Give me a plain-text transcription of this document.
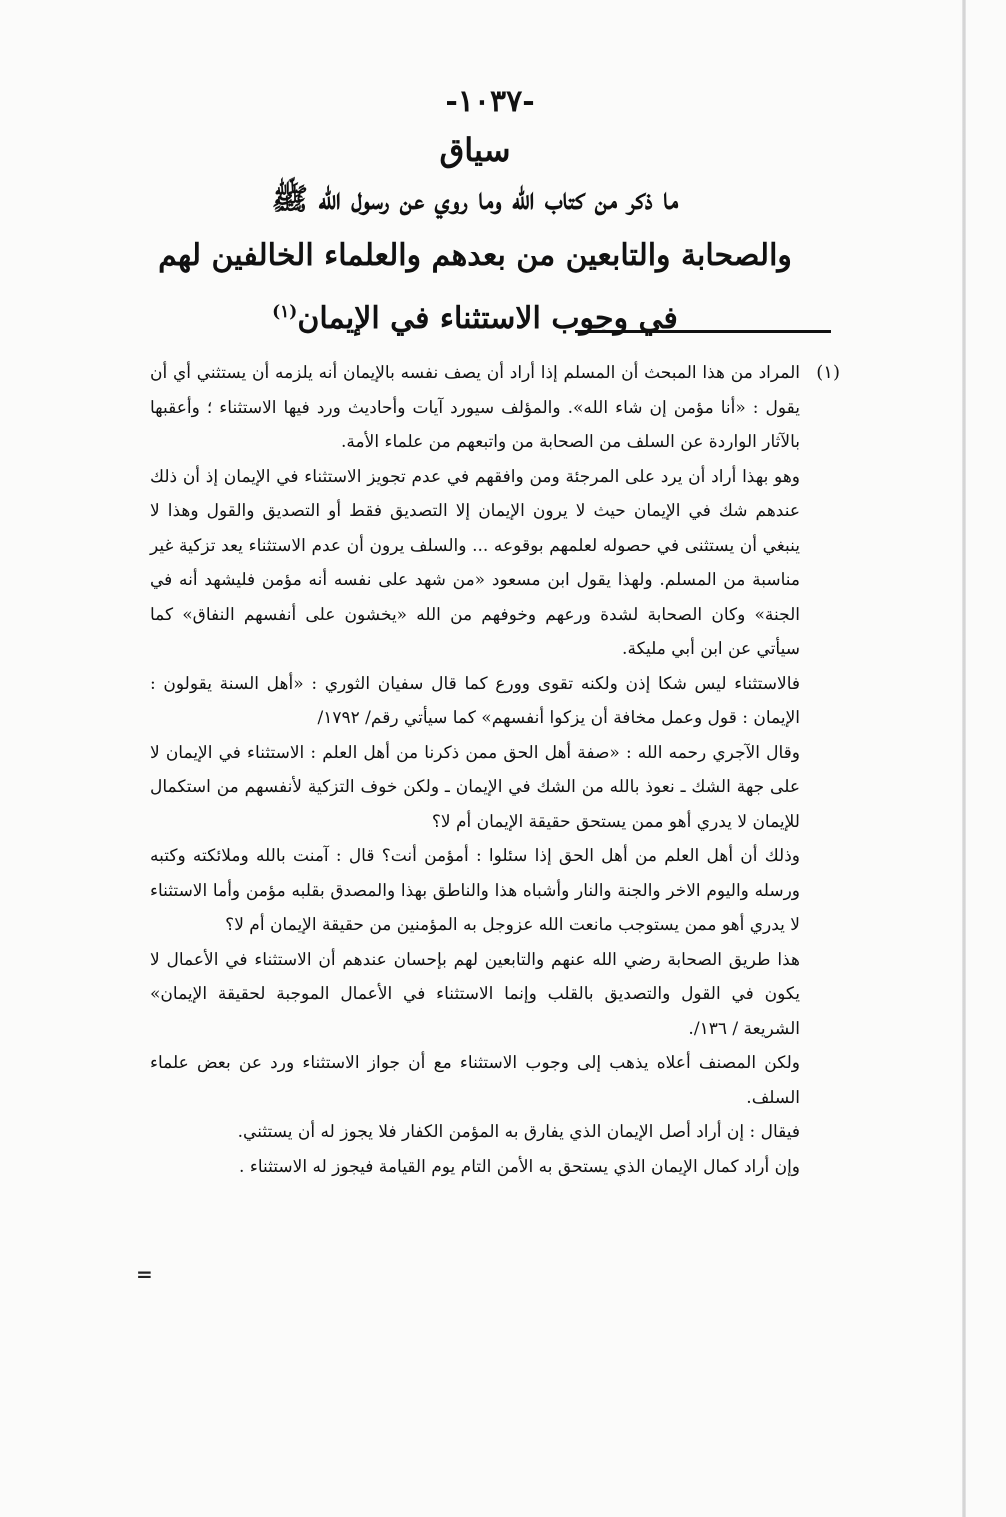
-١٠٣٧-
سياق
ما ذكر من كتاب الله وما روي عن رسول الله ﷺ
والصحابة والتابعين من بعدهم والعلماء الخالفين لهم
في وجوب الاستثناء في الإيمان$^{(١)}$
(١)

المراد من هذا المبحث أن المسلم إذا أراد أن يصف نفسه بالإيمان أنه يلزمه أن يستثني أي أن يقول : «أنا مؤمن إن شاء الله». والمؤلف سيورد آيات وأحاديث ورد فيها الاستثناء ؛ وأعقبها بالآثار الواردة عن السلف من الصحابة من واتبعهم من علماء الأمة.

وهو بهذا أراد أن يرد على المرجئة ومن وافقهم في عدم تجويز الاستثناء في الإيمان إذ أن ذلك عندهم شك في الإيمان حيث لا يرون الإيمان إلا التصديق فقط أو التصديق والقول وهذا لا ينبغي أن يستثنى في حصوله لعلمهم بوقوعه ... والسلف يرون أن عدم الاستثناء يعد تزكية غير مناسبة من المسلم. ولهذا يقول ابن مسعود «من شهد على نفسه أنه مؤمن فليشهد أنه في الجنة» وكان الصحابة لشدة ورعهم وخوفهم من الله «يخشون على أنفسهم النفاق» كما سيأتي عن ابن أبي مليكة.

فالاستثناء ليس شكا إذن ولكنه تقوى وورع كما قال سفيان الثوري : «أهل السنة يقولون : الإيمان : قول وعمل مخافة أن يزكوا أنفسهم» كما سيأتي رقم/ ١٧٩٢/

وقال الآجري رحمه الله : «صفة أهل الحق ممن ذكرنا من أهل العلم : الاستثناء في الإيمان لا على جهة الشك ـ نعوذ بالله من الشك في الإيمان ـ ولكن خوف التزكية لأنفسهم من استكمال للإيمان لا يدري أهو ممن يستحق حقيقة الإيمان أم لا؟

وذلك أن أهل العلم من أهل الحق إذا سئلوا : أمؤمن أنت؟ قال : آمنت بالله وملائكته وكتبه ورسله واليوم الاخر والجنة والنار وأشباه هذا والناطق بهذا والمصدق بقلبه مؤمن وأما الاستثناء لا يدري أهو ممن يستوجب مانعت الله عزوجل به المؤمنين من حقيقة الإيمان أم لا؟

هذا طريق الصحابة رضي الله عنهم والتابعين لهم بإحسان عندهم أن الاستثناء في الأعمال لا يكون في القول والتصديق بالقلب وإنما الاستثناء في الأعمال الموجبة لحقيقة الإيمان» الشريعة / ١٣٦/.

ولكن المصنف أعلاه يذهب إلى وجوب الاستثناء مع أن جواز الاستثناء ورد عن بعض علماء السلف.

فيقال : إن أراد أصل الإيمان الذي يفارق به المؤمن الكفار فلا يجوز له أن يستثني.

وإن أراد كمال الإيمان الذي يستحق به الأمن التام يوم القيامة فيجوز له الاستثناء .

=
